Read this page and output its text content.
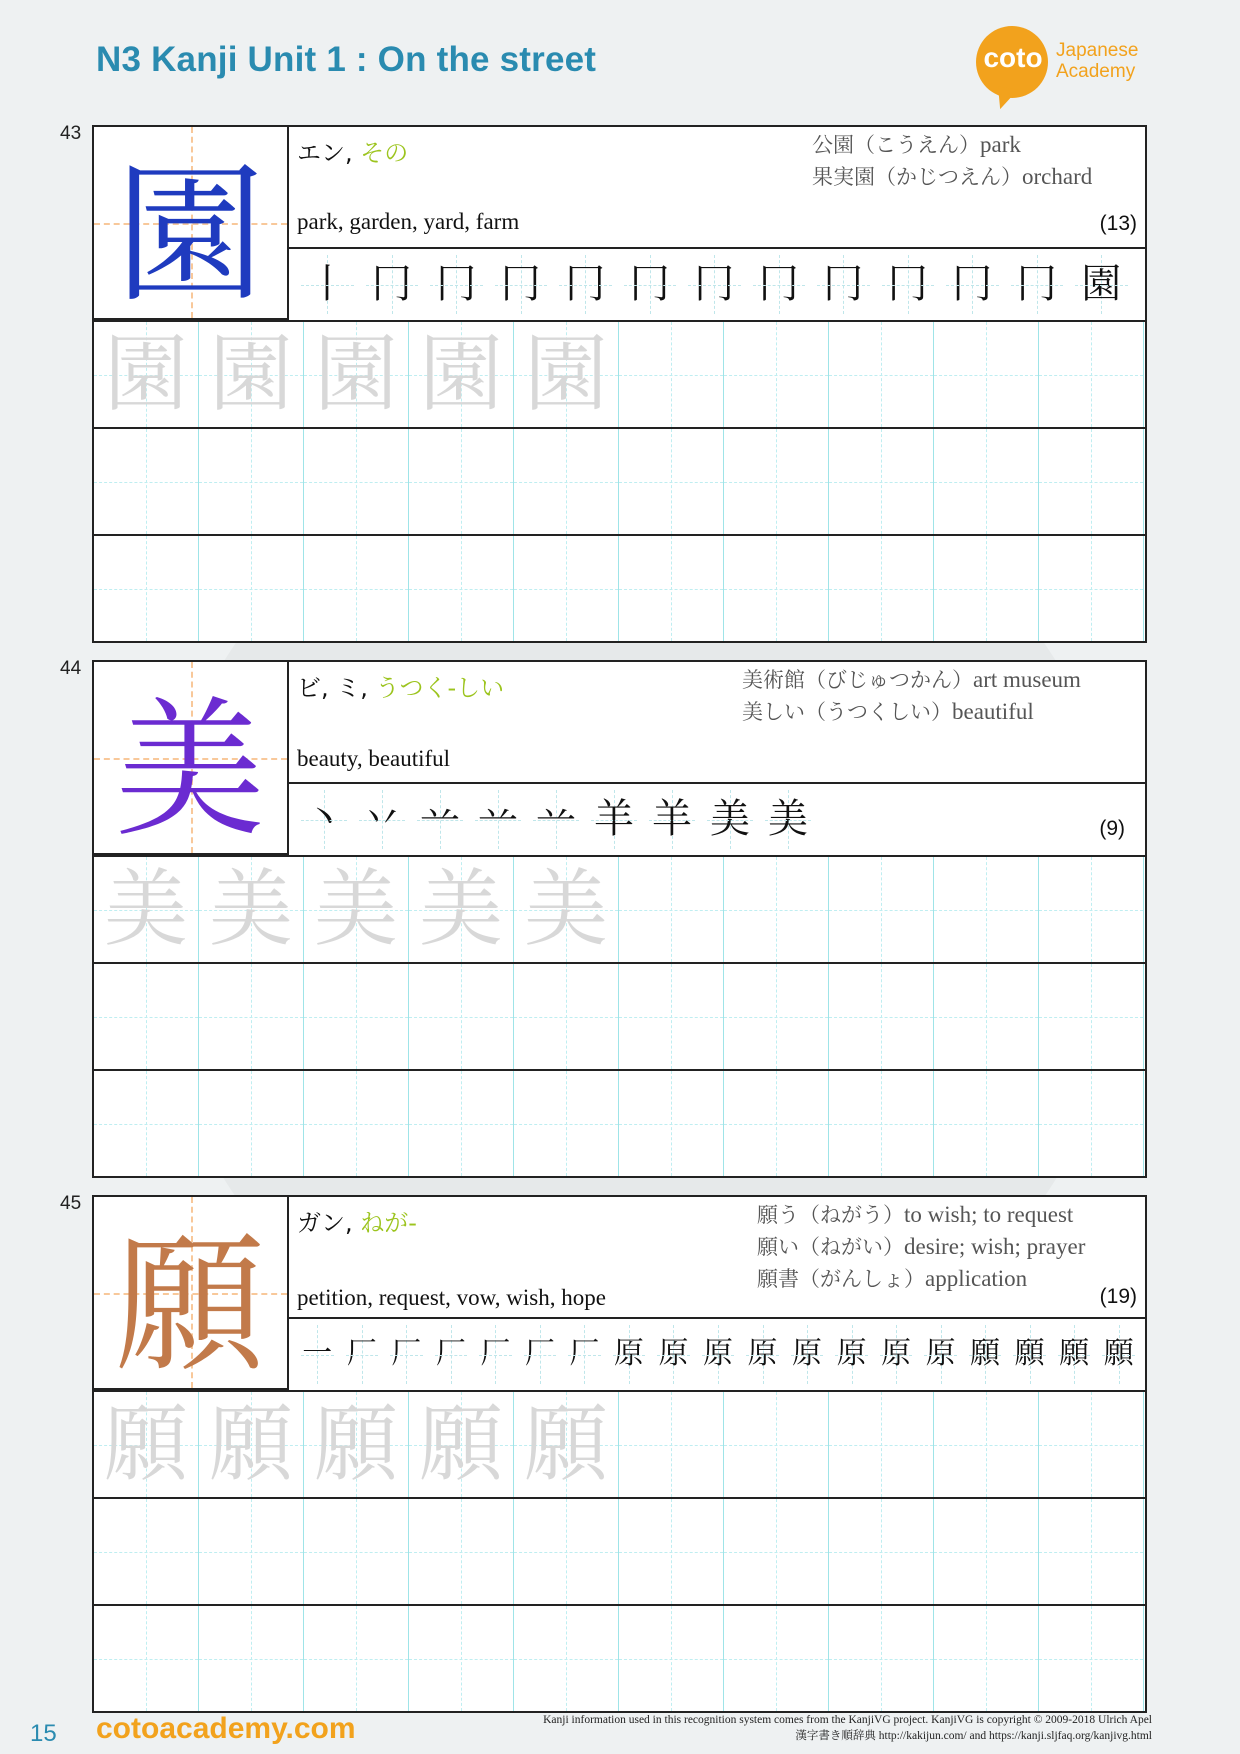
N3 Kanji Unit 1 : On the street	coto Japanese
Academy
園 エン, その	公園（こうえん）park
果実園（かじつえん）orchard
park, garden, yard, farm	(13)
丨 冂 冂 冂 冂 冂 冂 冂 冂 冂 冂 冂 園
園 園 園 園 園
美 ビ, ミ, うつく-しい	美術館（びじゅつかん）art museum
美しい（うつくしい）beautiful
beauty, beautiful
(9)
丶 丷 䒑 䒑 䒑 羊 羊 美 美
美 美 美 美 美
願 ガン, ねが-	願う（ねがう）to wish; to request
願い（ねがい）desire; wish; prayer
願書（がんしょ）application
petition, request, vow, wish, hope	(19)
一 厂 厂 厂 厂 厂 厂 原 原 原 原 原 原 原 原 願 願 願 願
願 願 願 願 願
15 cotoacademy.com	Kanji information used in this recognition system comes from the KanjiVG project. KanjiVG is copyright © 2009-2018 Ulrich Apel
漢字書き順辞典 http://kakijun.com/ and https://kanji.sljfaq.org/kanjivg.html
43
44
45
